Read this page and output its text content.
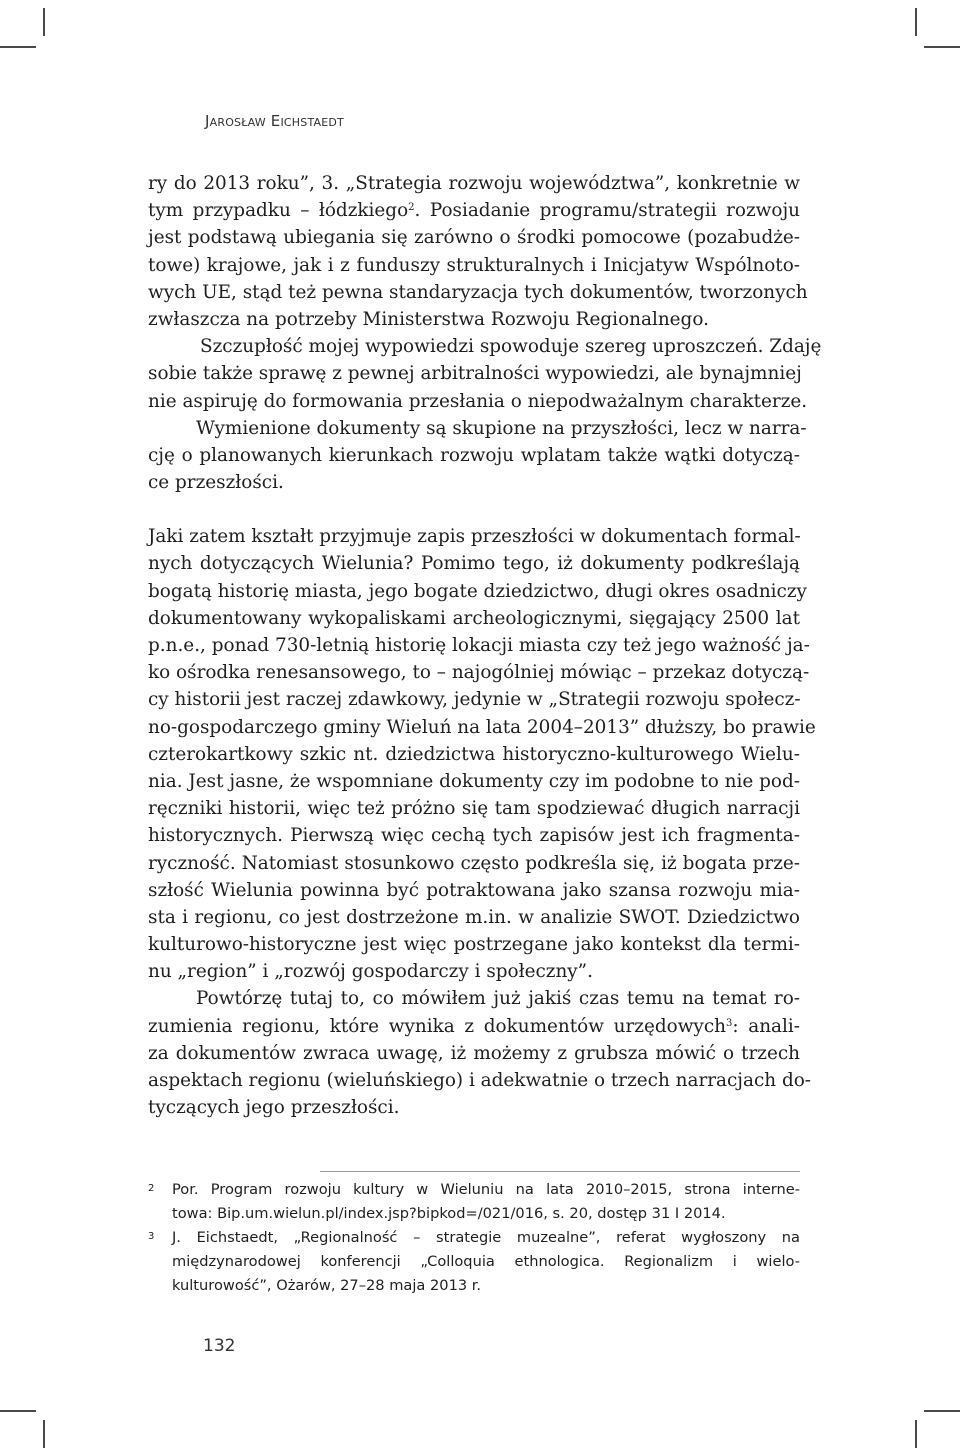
Jarosław Eichstaedt
ry do 2013 roku”, 3. „Strategia rozwoju województwa”, konkretnie w
tym przypadku – łódzkiego$^2$. Posiadanie programu/strategii rozwoju
jest podstawą ubiegania się zarówno o środki pomocowe (pozabudże-
towe) krajowe, jak i z funduszy strukturalnych i Inicjatyw Wspólnoto-
wych UE, stąd też pewna standaryzacja tych dokumentów, tworzonych
zwłaszcza na potrzeby Ministerstwa Rozwoju Regionalnego.
Szczupłość mojej wypowiedzi spowoduje szereg uproszczeń. Zdaję
sobie także sprawę z pewnej arbitralności wypowiedzi, ale bynajmniej
nie aspiruję do formowania przesłania o niepodważalnym charakterze.
Wymienione dokumenty są skupione na przyszłości, lecz w narra-
cję o planowanych kierunkach rozwoju wplatam także wątki dotyczą-
ce przeszłości.
Jaki zatem kształt przyjmuje zapis przeszłości w dokumentach formal-
nych dotyczących Wielunia? Pomimo tego, iż dokumenty podkreślają
bogatą historię miasta, jego bogate dziedzictwo, długi okres osadniczy
dokumentowany wykopaliskami archeologicznymi, sięgający 2500 lat
p.n.e., ponad 730-letnią historię lokacji miasta czy też jego ważność ja-
ko ośrodka renesansowego, to – najogólniej mówiąc – przekaz dotyczą-
cy historii jest raczej zdawkowy, jedynie w „Strategii rozwoju społecz-
no-gospodarczego gminy Wieluń na lata 2004–2013” dłuższy, bo prawie
czterokartkowy szkic nt. dziedzictwa historyczno-kulturowego Wielu-
nia. Jest jasne, że wspomniane dokumenty czy im podobne to nie pod-
ręczniki historii, więc też próżno się tam spodziewać długich narracji
historycznych. Pierwszą więc cechą tych zapisów jest ich fragmenta-
ryczność. Natomiast stosunkowo często podkreśla się, iż bogata prze-
szłość Wielunia powinna być potraktowana jako szansa rozwoju mia-
sta i regionu, co jest dostrzeżone m.in. w analizie SWOT. Dziedzictwo
kulturowo-historyczne jest więc postrzegane jako kontekst dla termi-
nu „region” i „rozwój gospodarczy i społeczny”.
Powtórzę tutaj to, co mówiłem już jakiś czas temu na temat ro-
zumienia regionu, które wynika z dokumentów urzędowych$^3$: anali-
za dokumentów zwraca uwagę, iż możemy z grubsza mówić o trzech
aspektach regionu (wieluńskiego) i adekwatnie o trzech narracjach do-
tyczących jego przeszłości.
2 Por. Program rozwoju kultury w Wieluniu na lata 2010–2015, strona interne-
towa: Bip.um.wielun.pl/index.jsp?bipkod=/021/016, s. 20, dostęp 31 I 2014.
3 J. Eichstaedt, „Regionalność – strategie muzealne”, referat wygłoszony na
międzynarodowej konferencji „Colloquia ethnologica. Regionalizm i wielo-
kulturowość”, Ożarów, 27–28 maja 2013 r.
132
